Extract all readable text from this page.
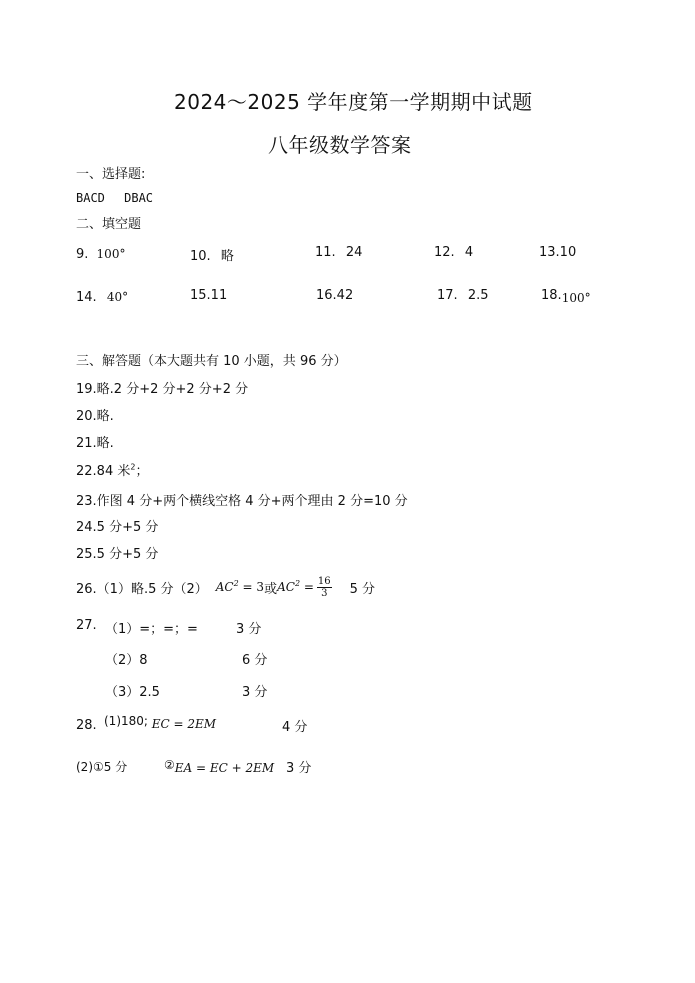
2024～2025 学年度第一学期期中试题
八年级数学答案
一、选择题:
BACD　 DBAC
二、填空题
9. 100°	10. 略	11. 24	12. 4	13.10
14. 40°	15.11	16.42	17. 2.5	18.100°
三、解答题（本大题共有 10 小题，共 96 分）
19.略.2 分+2 分+2 分+2 分
20.略.
21.略.
22.84 米$^2$；
23.作图 4 分+两个横线空格 4 分+两个理由 2 分=10 分
24.5 分+5 分
25.5 分+5 分
26.（1）略.5 分（2） $AC^2 = 3$ 或 $AC^2 = \frac{16}{3} 5$ 分
27. （1）=；=；=	3 分
（2）8	6 分
（3）2.5	3 分
28. (1)180; EC = 2EM	4 分
(2)①5 分	②EA = EC + 2EM 3 分
